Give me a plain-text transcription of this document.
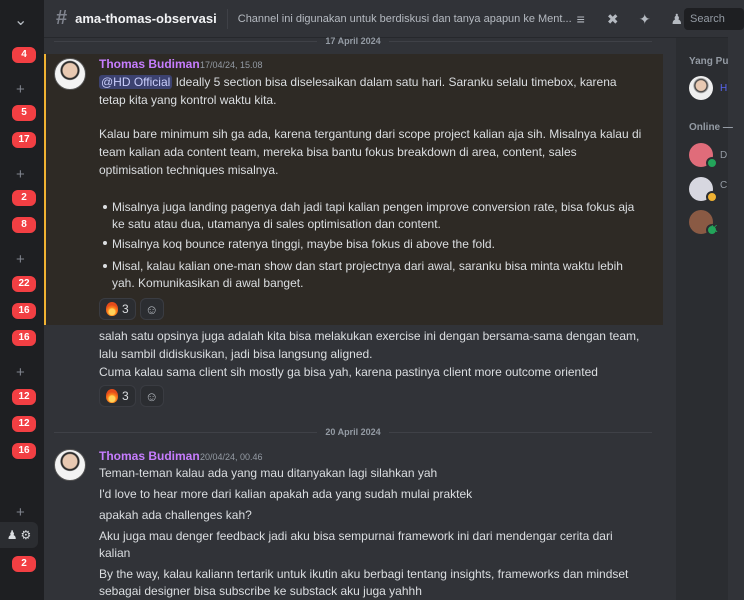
⌄
4
+
5
17
+
2
8
+
22
16
16
+
12
12
16
+
♟ ⚙
2
# ama-thomas-observasi Channel ini digunakan untuk berdiskusi dan tanya apapun ke Ment... ≡	✖ ✦ ♟ Search
17 April 2024
Thomas Budiman 17/04/24, 15.08
@HD Official Ideally 5 section bisa diselesaikan dalam satu hari. Saranku selalu timebox, karena
tetap kita yang kontrol waktu kita.
Kalau bare minimum sih ga ada, karena tergantung dari scope project kalian aja sih. Misalnya kalau di
team kalian ada content team, mereka bisa bantu fokus breakdown di area, content, sales
optimisation techniques misalnya.
Misalnya juga landing pagenya dah jadi tapi kalian pengen improve conversion rate, bisa fokus aja
ke satu atau dua, utamanya di sales optimisation dan content.
Misalnya koq bounce ratenya tinggi, maybe bisa fokus di above the fold.
Misal, kalau kalian one-man show dan start projectnya dari awal, saranku bisa minta waktu lebih
yah. Komunikasikan di awal banget.
3 ☺
salah satu opsinya juga adalah kita bisa melakukan exercise ini dengan bersama-sama dengan team,
lalu sambil didiskusikan, jadi bisa langsung aligned.
Cuma kalau sama client sih mostly ga bisa yah, karena pastinya client more outcome oriented
3 ☺
20 April 2024
Thomas Budiman 20/04/24, 00.46
Teman-teman kalau ada yang mau ditanyakan lagi silahkan yah
I'd love to hear more dari kalian apakah ada yang sudah mulai praktek
apakah ada challenges kah?
Aku juga mau denger feedback jadi aku bisa sempurnai framework ini dari mendengar cerita dari
kalian
By the way, kalau kaliann tertarik untuk ikutin aku berbagi tentang insights, frameworks dan mindset
sebagai designer bisa subscribe ke substack aku juga yahhh
Yang Pu
H
Online —
D
C
K
